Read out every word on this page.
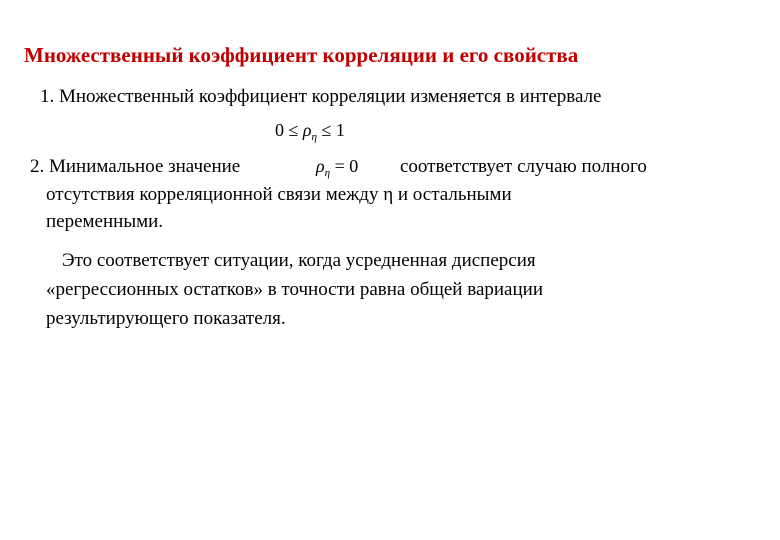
Множественный коэффициент корреляции и его свойства
1. Множественный коэффициент корреляции изменяется в интервале
$0 \le \rho_\eta \le 1$
2. Минимальное значение	$\rho_\eta = 0$ соответствует случаю полного
отсутствия корреляционной связи между η и остальными
переменными.
Это соответствует ситуации, когда усредненная дисперсия
«регрессионных остатков» в точности равна общей вариации
результирующего показателя.
